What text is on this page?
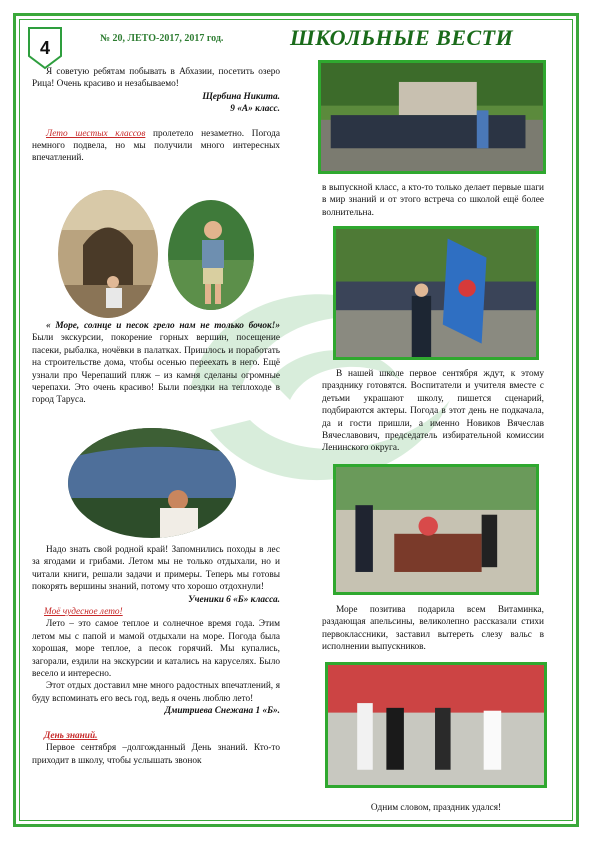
4	№ 20, ЛЕТО-2017, 2017 год.	ШКОЛЬНЫЕ ВЕСТИ

Я советую ребятам побывать в Абхазии, посетить озеро Рица! Очень красиво и незабываемо!

Щербина Никита.

9 «А» класс.

Лето шестых классов пролетело незаметно. Погода немного подвела, но мы получили много интересных впечатлений.

« Море, солнце и песок грело нам не только бочок!» Были экскурсии, покорение горных вершин, посещение пасеки, рыбалка, ночёвки в палатках. Пришлось и поработать на строительстве дома, чтобы осенью переехать в него. Ещё узнали про Черепаший пляж – из камня сделаны огромные черепахи. Это очень красиво! Были поездки на теплоходе в город Таруса.

Надо знать свой родной край! Запомнились походы в лес за ягодами и грибами. Летом мы не только отдыхали, но и читали книги, решали задачи и примеры. Теперь мы готовы покорять вершины знаний, потому что хорошо отдохнули!

Ученики 6 «Б» класса.

Моё чудесное лето!

Лето – это самое теплое и солнечное время года. Этим летом мы с папой и мамой отдыхали на море. Погода была хорошая, море теплое, а песок горячий. Мы купались, загорали, ездили на экскурсии и катались на каруселях. Было весело и интересно.

Этот отдых доставил мне много радостных впечатлений, я буду вспоминать его весь год, ведь я очень люблю лето!

Дмитриева Снежана 1 «Б».

День знаний.

Первое сентября –долгожданный День знаний. Кто-то приходит в школу, чтобы услышать звонок

в выпускной класс, а кто-то только делает первые шаги в мир знаний и от этого встреча со школой ещё более волнительна.

В нашей школе первое сентября ждут, к этому празднику готовятся. Воспитатели и учителя вместе с детьми украшают школу, пишется сценарий, подбираются актеры. Погода в этот день не подкачала, да и гости пришли, а именно Новиков Вячеслав Вячеславович, председатель избирательной комиссии Ленинского округа.

Море позитива подарила всем Витаминка, раздающая апельсины, великолепно рассказали стихи первоклассники, заставил вытереть слезу вальс в исполнении выпускников.

Одним словом, праздник удался!
